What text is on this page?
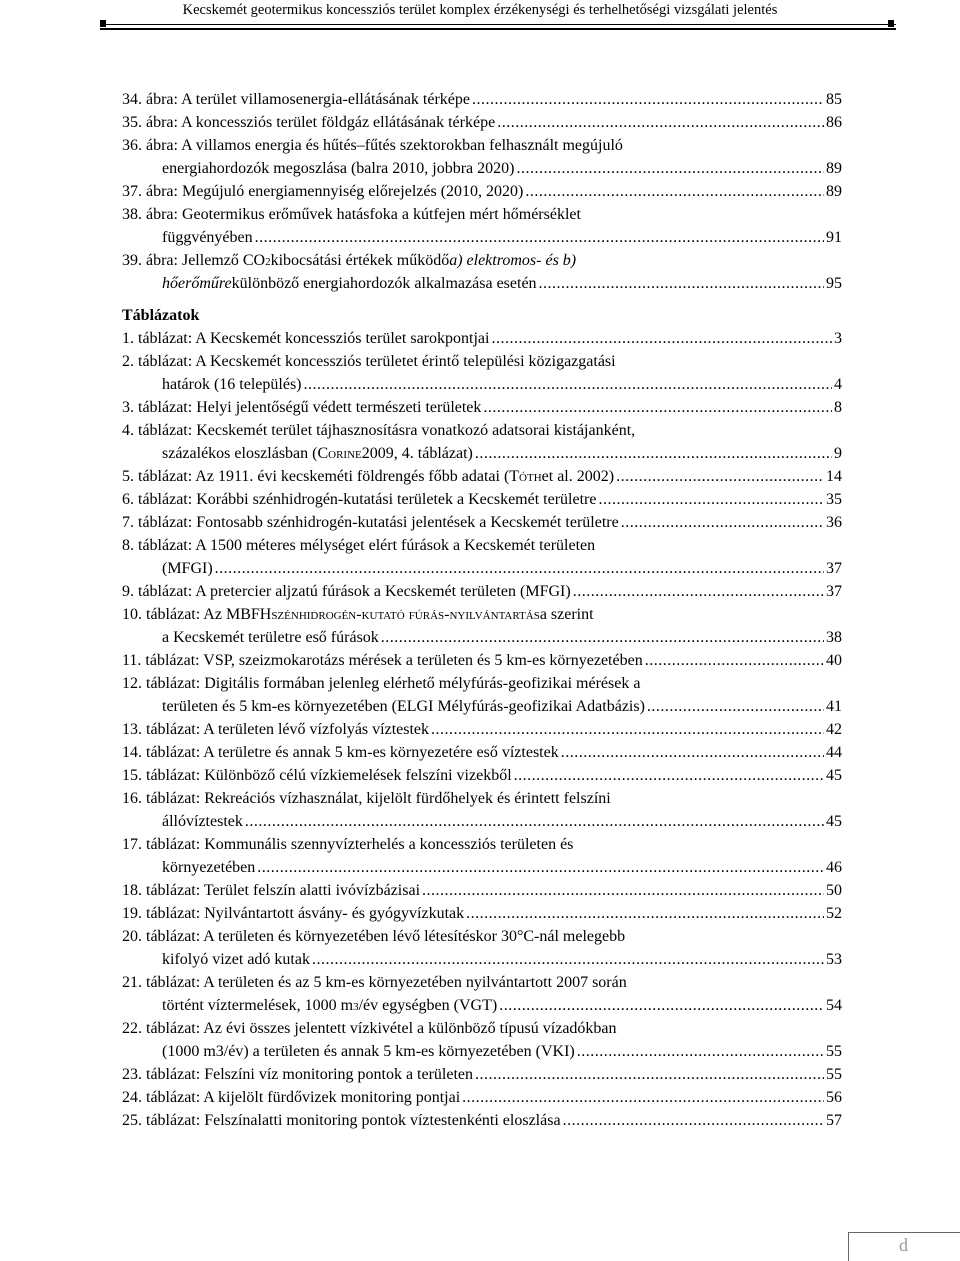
Kecskemét geotermikus koncessziós terület komplex érzékenységi és terhelhetőségi vizsgálati jelentés
34. ábra: A terület villamosenergia-ellátásának térképe .....	85
35. ábra: A koncessziós terület földgáz ellátásának térképe .....	86
36. ábra: A villamos energia és hűtés–fűtés szektorokban felhasznált megújuló
energiahordozók megoszlása (balra 2010, jobbra 2020) .....	89
37. ábra: Megújuló energiamennyiség előrejelzés (2010, 2020) .....	89
38. ábra: Geotermikus erőművek hatásfoka a kútfejen mért hőmérséklet
függvényében .....	91
39. ábra: Jellemző CO 2 kibocsátási értékek működő a) elektromos- és b)
hőerőműre különböző energiahordozók alkalmazása esetén .....	95
Táblázatok
1. táblázat: A Kecskemét koncessziós terület sarokpontjai .....	3
2. táblázat: A Kecskemét koncessziós területet érintő települési közigazgatási
határok (16 település) .....	4
3. táblázat: Helyi jelentőségű védett természeti területek .....	8
4. táblázat: Kecskemét terület tájhasznosításra vonatkozó adatsorai kistájanként,
százalékos eloszlásban (C orine 2009, 4. táblázat) .....	9
5. táblázat: Az 1911. évi kecskeméti földrengés főbb adatai (T óth et al. 2002) .....	14
6. táblázat: Korábbi szénhidrogén-kutatási területek a Kecskemét területre .....	35
7. táblázat: Fontosabb szénhidrogén-kutatási jelentések a Kecskemét területre .....	36
8. táblázat: A 1500 méteres mélységet elért fúrások a Kecskemét területen
(MFGI) .....	37
9. táblázat: A pretercier aljzatú fúrások a Kecskemét területen (MFGI) .....	37
10. táblázat: Az MBFH szénhidrogén-kutató fúrás-nyilvántartás a szerint
a Kecskemét területre eső fúrások .....	38
11. táblázat: VSP, szeizmokarotázs mérések a területen és 5 km-es környezetében .....	40
12. táblázat: Digitális formában jelenleg elérhető mélyfúrás-geofizikai mérések a
területen és 5 km-es környezetében (ELGI Mélyfúrás-geofizikai Adatbázis) .....	41
13. táblázat: A területen lévő vízfolyás víztestek .....	42
14. táblázat: A területre és annak 5 km-es környezetére eső víztestek .....	44
15. táblázat: Különböző célú vízkiemelések felszíni vizekből .....	45
16. táblázat: Rekreációs vízhasználat, kijelölt fürdőhelyek és érintett felszíni
állóvíztestek .....	45
17. táblázat: Kommunális szennyvízterhelés a koncessziós területen és
környezetében .....	46
18. táblázat: Terület felszín alatti ivóvízbázisai .....	50
19. táblázat: Nyilvántartott ásvány- és gyógyvízkutak .....	52
20. táblázat: A területen és környezetében lévő létesítéskor 30°C-nál melegebb
kifolyó vizet adó kutak .....	53
21. táblázat: A területen és az 5 km-es környezetében nyilvántartott 2007 során
történt víztermelések, 1000 m 3 /év egységben (VGT) .....	54
22. táblázat: Az évi összes jelentett vízkivétel a különböző típusú vízadókban
(1000 m3/év) a területen és annak 5 km-es környezetében (VKI) .....	55
23. táblázat: Felszíni víz monitoring pontok a területen .....	55
24. táblázat: A kijelölt fürdővizek monitoring pontjai .....	56
25. táblázat: Felszínalatti monitoring pontok víztestenkénti eloszlása .....	57
d
